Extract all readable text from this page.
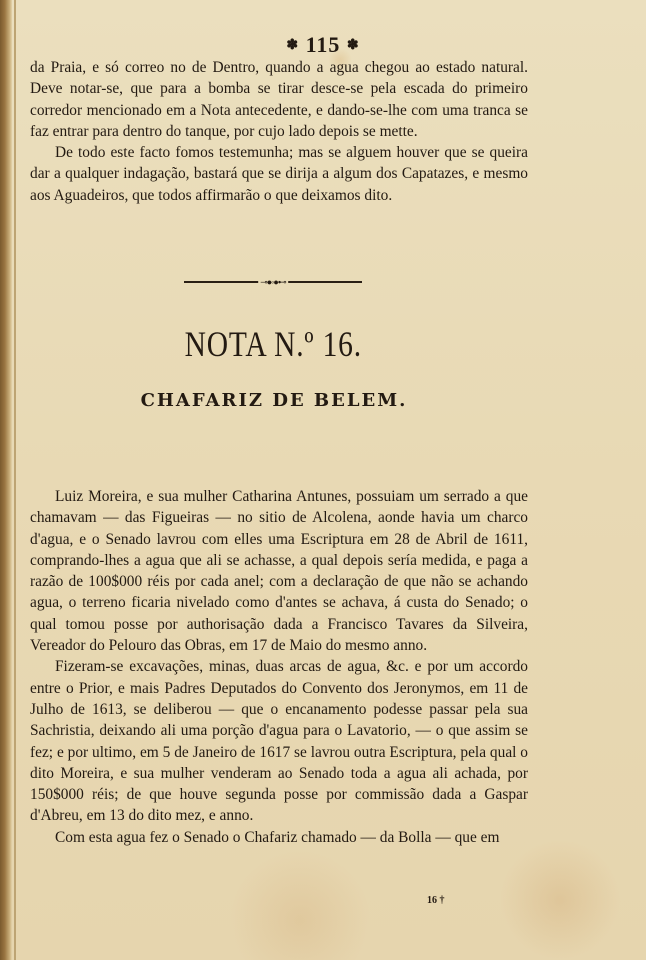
✽ 115 ✽

da Praia, e só correo no de Dentro, quando a agua chegou ao estado natural. Deve notar-se, que para a bomba se tirar desce-se pela escada do primeiro corredor mencionado em a Nota antecedente, e dando-se-lhe com uma tranca se faz entrar para dentro do tanque, por cujo lado depois se mette.

De todo este facto fomos testemunha; mas se alguem houver que se queira dar a qualquer indagação, bastará que se dirija a algum dos Capatazes, e mesmo aos Aguadeiros, que todos affirmarão o que deixamos dito.

⊸●◦●⊷
NOTA N.º 16.
CHAFARIZ DE BELEM.

Luiz Moreira, e sua mulher Catharina Antunes, possuiam um serrado a que chamavam — das Figueiras — no sitio de Alcolena, aonde havia um charco d'agua, e o Senado lavrou com elles uma Escriptura em 28 de Abril de 1611, comprando-lhes a agua que ali se achasse, a qual depois sería medida, e paga a razão de 100$000 réis por cada anel; com a declaração de que não se achando agua, o terreno ficaria nivelado como d'antes se achava, á custa do Senado; o qual tomou posse por authorisação dada a Francisco Tavares da Silveira, Vereador do Pelouro das Obras, em 17 de Maio do mesmo anno.

Fizeram-se excavações, minas, duas arcas de agua, &c. e por um accordo entre o Prior, e mais Padres Deputados do Convento dos Jeronymos, em 11 de Julho de 1613, se deliberou — que o encanamento podesse passar pela sua Sachristia, deixando ali uma porção d'agua para o Lavatorio, — o que assim se fez; e por ultimo, em 5 de Janeiro de 1617 se lavrou outra Escriptura, pela qual o dito Moreira, e sua mulher venderam ao Senado toda a agua ali achada, por 150$000 réis; de que houve segunda posse por commissão dada a Gaspar d'Abreu, em 13 do dito mez, e anno.

Com esta agua fez o Senado o Chafariz chamado — da Bolla — que em

16 †
